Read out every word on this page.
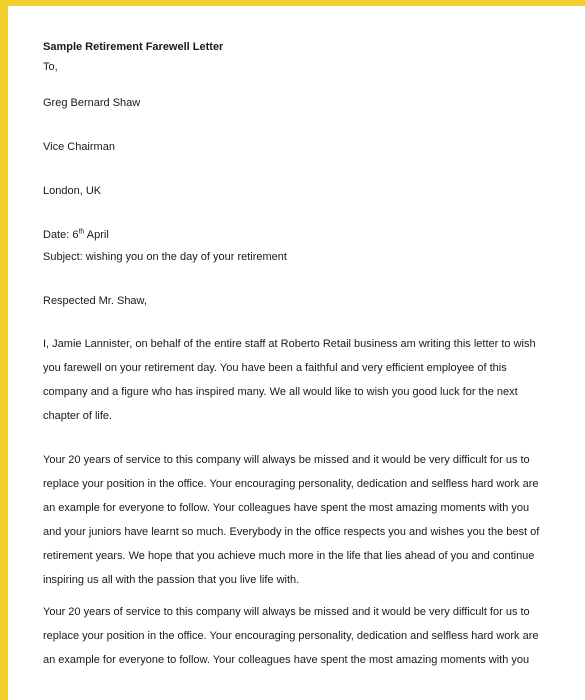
Sample Retirement Farewell Letter

To,

Greg Bernard Shaw

Vice Chairman

London, UK

Date: 6th April

Subject: wishing you on the day of your retirement

Respected Mr. Shaw,

I, Jamie Lannister, on behalf of the entire staff at Roberto Retail business am writing this letter to wish you farewell on your retirement day. You have been a faithful and very efficient employee of this company and a figure who has inspired many. We all would like to wish you good luck for the next chapter of life.

Your 20 years of service to this company will always be missed and it would be very difficult for us to replace your position in the office. Your encouraging personality, dedication and selfless hard work are an example for everyone to follow. Your colleagues have spent the most amazing moments with you and your juniors have learnt so much. Everybody in the office respects you and wishes you the best of retirement years. We hope that you achieve much more in the life that lies ahead of you and continue inspiring us all with the passion that you live life with.

Your 20 years of service to this company will always be missed and it would be very difficult for us to replace your position in the office. Your encouraging personality, dedication and selfless hard work are an example for everyone to follow. Your colleagues have spent the most amazing moments with you
